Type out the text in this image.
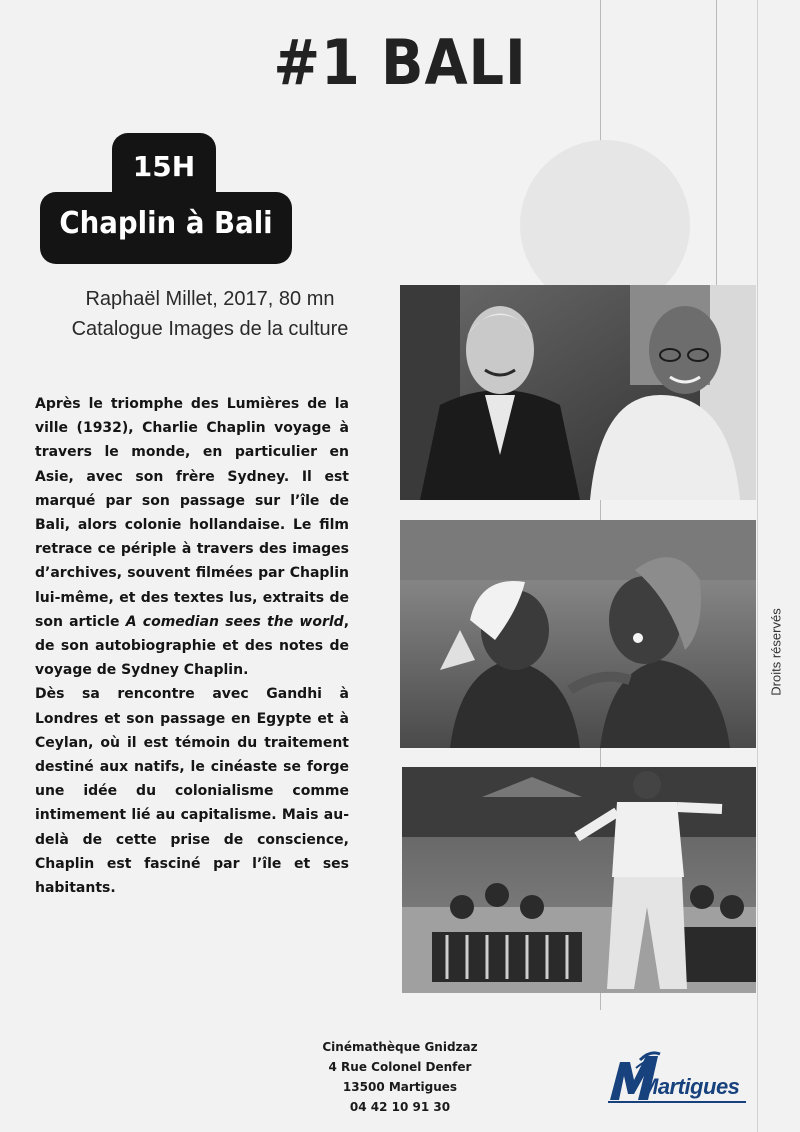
#1 BALI
15H
Chaplin à Bali
Raphaël Millet, 2017, 80 mn
Catalogue Images de la culture

Après le triomphe des Lumières de la ville (1932), Charlie Chaplin voyage à travers le monde, en particulier en Asie, avec son frère Sydney. Il est marqué par son passage sur l’île de Bali, alors colonie hollandaise. Le film retrace ce périple à travers des images d’archives, souvent filmées par Chaplin lui-même, et des textes lus, extraits de son article A comedian sees the world, de son autobiographie et des notes de voyage de Sydney Chaplin.

Dès sa rencontre avec Gandhi à Londres et son passage en Egypte et à Ceylan, où il est témoin du traitement destiné aux natifs, le cinéaste se forge une idée du colonialisme comme intimement lié au capitalisme. Mais au-delà de cette prise de conscience, Chaplin est fasciné par l’île et ses habitants.

Droits réservés
Cinémathèque Gnidzaz
4 Rue Colonel Denfer
13500 Martigues
04 42 10 91 30
Martigues
